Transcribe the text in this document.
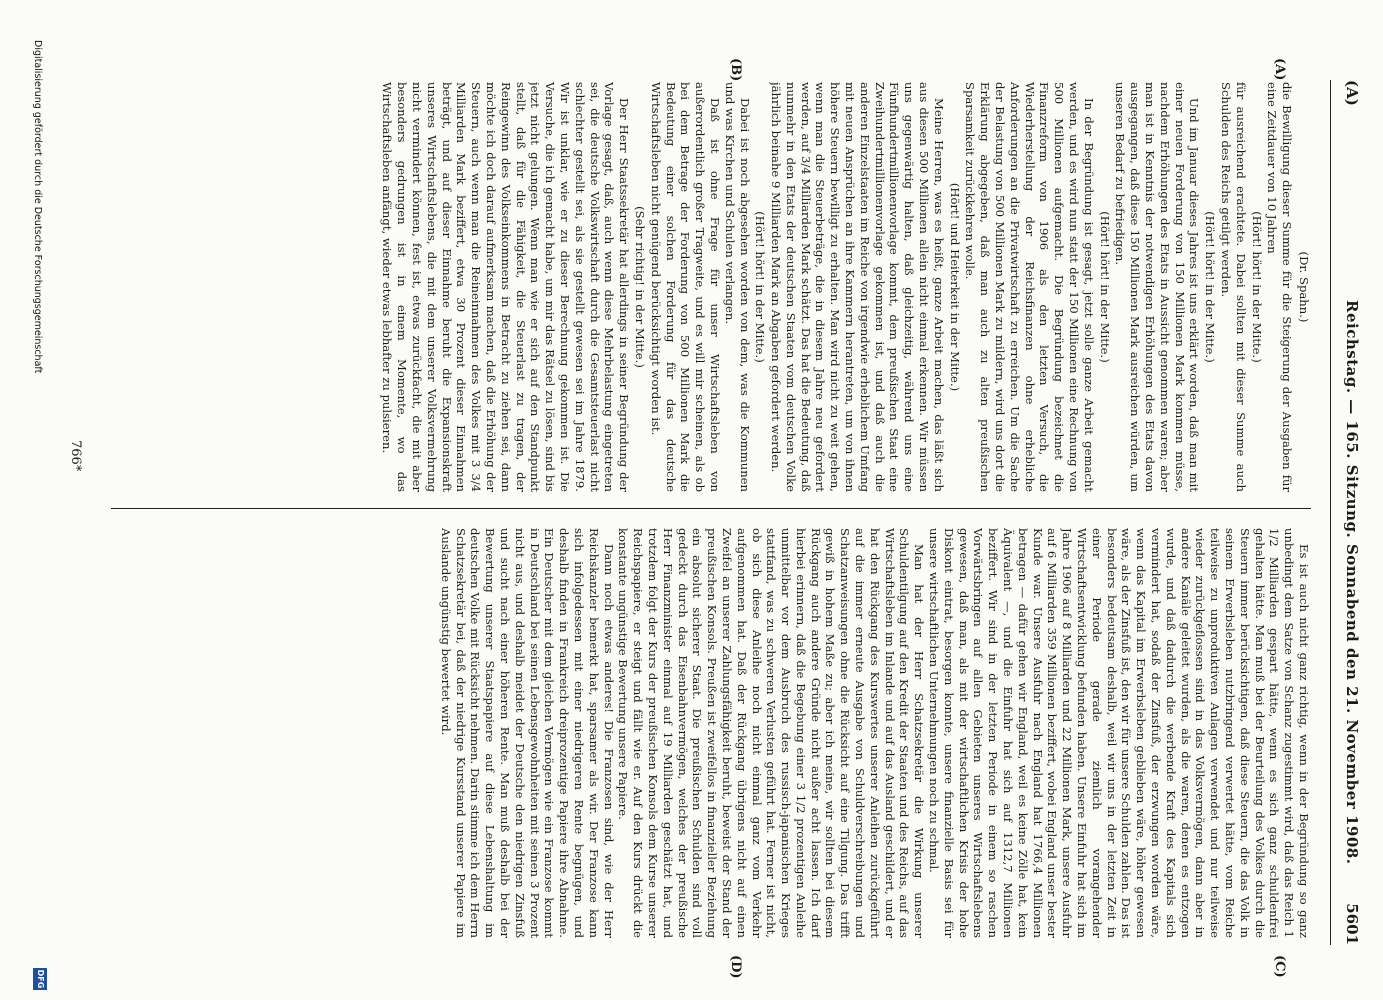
(A)
Reichstag. — 165. Sitzung. Sonnabend den 21. November 1908.
5601
(A)
(B)
(C)
(D)
(Dr. Spahn.)

die Bewilligung dieser Summe für die Steigerung der Ausgaben für eine Zeitdauer von 10 Jahren

(Hört! hört! in der Mitte.)

für ausreichend erachtete. Dabei sollten mit dieser Summe auch Schulden des Reichs getilgt werden.

(Hört! hört! in der Mitte.)

Und im Januar dieses Jahres ist uns erklärt worden, daß man mit einer neuen Forderung von 150 Millionen Mark kommen müsse, nachdem Erhöhungen des Etats in Aussicht genommen waren; aber man ist in Kenntnis der notwendigen Erhöhungen des Etats davon ausgegangen, daß diese 150 Millionen Mark ausreichen würden, um unseren Bedarf zu befriedigen.

(Hört! hört! in der Mitte.)

In der Begründung ist gesagt, jetzt solle ganze Arbeit gemacht werden, und es wird nun statt der 150 Millionen eine Rechnung von 500 Millionen aufgemacht. Die Begründung bezeichnet die Finanzreform von 1906 als den letzten Versuch, die Wiederherstellung der Reichsfinanzen ohne erhebliche Anforderungen an die Privatwirtschaft zu erreichen. Um die Sache der Belastung von 500 Millionen Mark zu mildern, wird uns dort die Erklärung abgegeben, daß man auch zu alten preußischen Sparsamkeit zurückkehren wolle.

(Hört! und Heiterkeit in der Mitte.)

Meine Herren, was es heißt, ganze Arbeit machen, das läßt sich aus diesen 500 Millionen allein nicht einmal erkennen. Wir müssen uns gegenwärtig halten, daß gleichzeitig, während uns eine Fünfhundertmillionenvorlage kommt, dem preußischen Staat eine Zweihundertmillionenvorlage gekommen ist, und daß auch die anderen Einzelstaaten im Reiche von irgendwie erheblichem Umfang mit neuen Ansprüchen an ihre Kammern herantreten, um von ihnen höhere Steuern bewilligt zu erhalten. Man wird nicht zu weit gehen, wenn man die Steuerbeträge, die in diesem Jahre neu gefordert werden, auf 3/4 Milliarden Mark schätzt. Das hat die Bedeutung, daß nunmehr in den Etats der deutschen Staaten vom deutschen Volke jährlich beinahe 9 Milliarden Mark an Abgaben gefordert werden.

(Hört! hört! in der Mitte.)

Dabei ist noch abgesehen worden von dem, was die Kommunen und was Kirchen und Schulen verlangen.

Daß ist ohne Frage für unser Wirtschaftsleben von außerordentlich großer Tragweite, und es will mir scheinen, als ob bei dem Betrage der Forderung von 500 Millionen Mark die Bedeutung einer solchen Forderung für das deutsche Wirtschaftsleben nicht genügend berücksichtigt worden ist.

(Sehr richtig! in der Mitte.)

Der Herr Staatssekretär hat allerdings in seiner Begründung der Vorlage gesagt, daß, auch wenn diese Mehrbelastung eingetreten sei, die deutsche Volkswirtschaft durch die Gesamtsteuerlast nicht schlechter gestellt sei, als sie gestellt gewesen sei im Jahre 1879. Wir ist unklar, wie er zu dieser Berechnung gekommen ist. Die Versuche, die ich gemacht habe, um mir das Rätsel zu lösen, sind bis jetzt nicht gelungen. Wenn man wie er sich auf den Standpunkt stellt, daß für die Fähigkeit, die Steuerlast zu tragen, der Reingewinn des Volkseinkommens in Betracht zu ziehen sei, dann möchte ich doch darauf aufmerksam machen, daß die Erhöhung der Steuern, auch wenn man die Reineinnahmen des Volkes mit 3 3/4 Milliarden Mark beziffert, etwa 30 Prozent dieser Einnahmen beträgt, und auf dieser Einnahme beruht die Expansionskraft unseres Wirtschaftslebens, die mit dem unserer Volksvermehrung nicht vermindert können, fest ist, etwas zurückfacht, die mit aber besonders gedrungen ist in einem Momente, wo das Wirtschaftsleben anfängt, wieder etwas lebhafter zu pulsieren.

Es ist auch nicht ganz richtig, wenn in der Begründung so ganz unbedingt dem Satze von Schanz zugestimmt wird, daß das Reich 1 1/2 Milliarden gespart hätte, wenn es sich ganz schuldenfrei gehalten hätte. Man muß bei der Beurteilung des Volkes durch die Steuern immer berücksichtigen, daß diese Steuern, die das Volk in seinem Erwerbsleben nutzbringend verwertet hätte, vom Reiche teilweise zu unproduktiven Anlagen verwendet und nur teilweise wieder zurückgeflossen sind in das Volksvermögen, dann aber in andere Kanäle geleitet wurden, als die waren, denen es entzogen wurde, und daß dadurch die werbende Kraft des Kapitals sich vermindert hat, sodaß der Zinsfuß, der erzwungen worden wäre, wenn das Kapital im Erwerbsleben geblieben wäre, höher gewesen wäre, als der Zinsfuß ist, den wir für unsere Schulden zahlen. Das ist besonders bedeutsam deshalb, weil wir uns in der letzten Zeit in einer Periode gerade ziemlich vorangehender Wirtschaftsentwicklung befunden haben. Unsere Einfuhr hat sich im Jahre 1906 auf 8 Milliarden und 22 Millionen Mark, unsere Ausfuhr auf 6 Milliarden 359 Millionen beziffert, wobei England unser bester Kunde war. Unsere Ausfuhr nach England hat 1766,4 Millionen betragen — dafür gehen wir England, weil es keine Zölle hat, kein Äquivalent —, und die Einfuhr hat sich auf 1312,7 Millionen beziffert. Wir sind in der letzten Periode in einem so raschen Vorwärtsbringen auf allen Gebieten unseres Wirtschaftslebens gewesen, daß man, als mit der wirtschaftlichen Krisis der hohe Diskont eintrat, besorgen konnte, unsere finanzielle Basis sei für unsere wirtschaftlichen Unternehmungen noch zu schmal.

Man hat der Herr Schatzsekretär die Wirkung unserer Schuldentilgung auf den Kredit der Staaten und des Reichs, auf das Wirtschaftsleben im Inlande und auf das Ausland geschildert, und er hat den Rückgang des Kurswertes unserer Anleihen zurückgeführt auf die immer erneute Ausgabe von Schuldverschreibungen und Schatzanweisungen ohne die Rücksicht auf eine Tilgung. Das trifft gewiß in hohem Maße zu; aber ich meine, wir sollten bei diesem Rückgang auch andere Gründe nicht außer acht lassen. Ich darf hierbei erinnern, daß die Begebung einer 3 1/2 prozentigen Anleihe unmittelbar vor dem Ausbruch des russisch-japanischen Krieges stattfand, was zu schweren Verlusten geführt hat. Ferner ist nicht, ob sich diese Anleihe noch nicht einmal ganz vom Verkehr aufgenommen hat. Daß der Rückgang übrigens nicht auf einen Zweifel an unserer Zahlungsfähigkeit beruht, beweist der Stand der preußischen Konsols. Preußen ist zweifellos in finanzieller Beziehung ein absolut sicherer Staat. Die preußischen Schulden sind voll gedeckt durch das Eisenbahnvermögen, welches der preußische Herr Finanzminister einmal auf 19 Milliarden geschätzt hat, und trotzdem folgt der Kurs der preußischen Konsols dem Kurse unserer Reichspapiere, er steigt und fällt wie er. Auf den Kurs drückt die konstante ungünstige Bewertung unsere Papiere.

Dann noch etwas anderes! Die Franzosen sind, wie der Herr Reichskanzler bemerkt hat, sparsamer als wir. Der Franzose kann sich infolgedessen mit einer niedrigeren Rente begnügen, und deshalb finden in Frankreich dreiprozentige Papiere ihre Abnahme. Ein Deutscher mit dem gleichen Vermögen wie ein Franzose kommt in Deutschland bei seinen Lebensgewohnheiten mit seinen 3 Prozent nicht aus, und deshalb meidet der Deutsche den niedrigen Zinsfuß und sucht nach einer höheren Rente. Man muß deshalb bei der Bewertung unserer Staatspapiere auf diese Lebenshaltung im deutschen Volke mit Rücksicht nehmen. Darin stimme ich dem Herrn Schatzsekretär bei, daß der niedrige Kursstand unserer Papiere im Auslande ungünstig bewertet wird.

766*
Digitalisierung gefördert durch die Deutsche Forschungsgemeinschaft
DFG
